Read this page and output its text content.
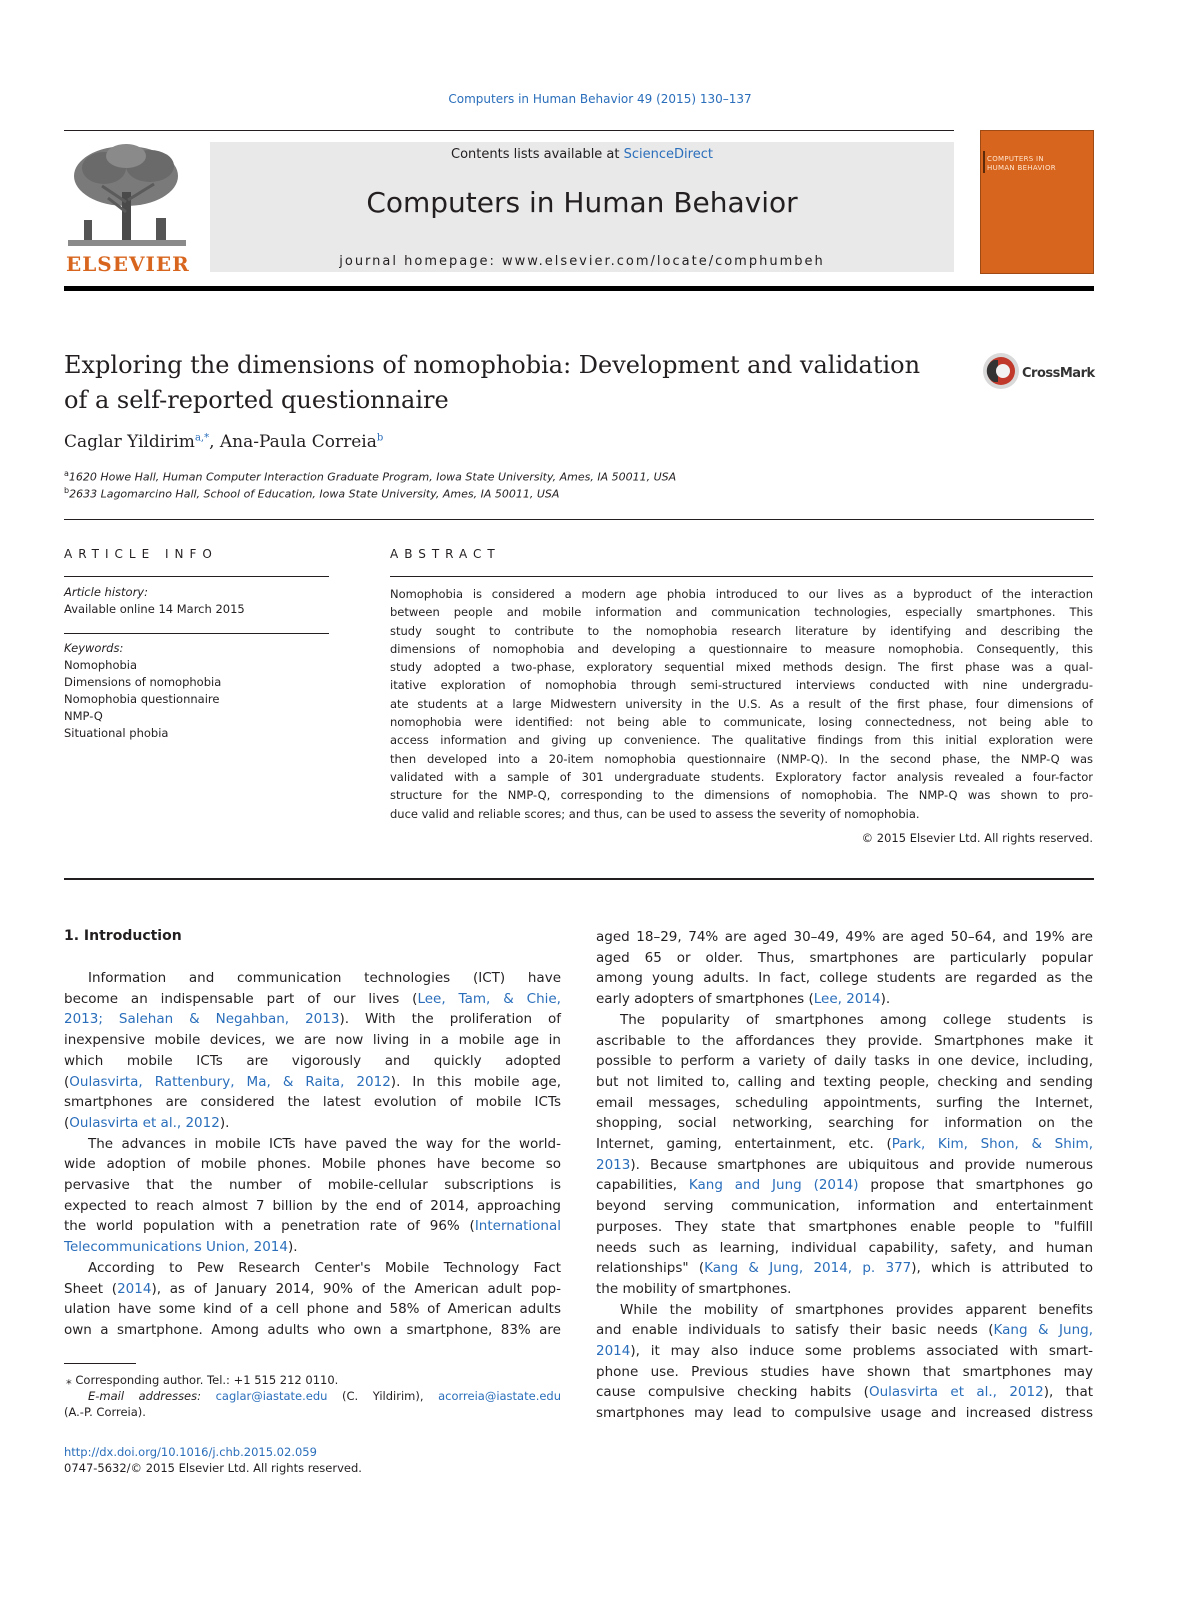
Computers in Human Behavior 49 (2015) 130–137
ELSEVIER
Contents lists available at ScienceDirect
Computers in Human Behavior
journal homepage: www.elsevier.com/locate/comphumbeh
COMPUTERS IN
HUMAN BEHAVIOR
Exploring the dimensions of nomophobia: Development and validation
of a self-reported questionnaire
CrossMark
Caglar Yildirim$^{a,*}$, Ana-Paula Correia$^b$
$^a$1620 Howe Hall, Human Computer Interaction Graduate Program, Iowa State University, Ames, IA 50011, USA
$^b$2633 Lagomarcino Hall, School of Education, Iowa State University, Ames, IA 50011, USA
ARTICLE INFO
Article history:
Available online 14 March 2015
Keywords:
Nomophobia
Dimensions of nomophobia
Nomophobia questionnaire
NMP-Q
Situational phobia
ABSTRACT
Nomophobia is considered a modern age phobia introduced to our lives as a byproduct of the interaction
between people and mobile information and communication technologies, especially smartphones. This
study sought to contribute to the nomophobia research literature by identifying and describing the
dimensions of nomophobia and developing a questionnaire to measure nomophobia. Consequently, this
study adopted a two-phase, exploratory sequential mixed methods design. The first phase was a qual-
itative exploration of nomophobia through semi-structured interviews conducted with nine undergradu-
ate students at a large Midwestern university in the U.S. As a result of the first phase, four dimensions of
nomophobia were identified: not being able to communicate, losing connectedness, not being able to
access information and giving up convenience. The qualitative findings from this initial exploration were
then developed into a 20-item nomophobia questionnaire (NMP-Q). In the second phase, the NMP-Q was
validated with a sample of 301 undergraduate students. Exploratory factor analysis revealed a four-factor
structure for the NMP-Q, corresponding to the dimensions of nomophobia. The NMP-Q was shown to pro-
duce valid and reliable scores; and thus, can be used to assess the severity of nomophobia.
© 2015 Elsevier Ltd. All rights reserved.
1. Introduction
Information and communication technologies (ICT) have
become an indispensable part of our lives (Lee, Tam, & Chie,
2013; Salehan & Negahban, 2013). With the proliferation of
inexpensive mobile devices, we are now living in a mobile age in
which mobile ICTs are vigorously and quickly adopted
(Oulasvirta, Rattenbury, Ma, & Raita, 2012). In this mobile age,
smartphones are considered the latest evolution of mobile ICTs
(Oulasvirta et al., 2012).
The advances in mobile ICTs have paved the way for the world-
wide adoption of mobile phones. Mobile phones have become so
pervasive that the number of mobile-cellular subscriptions is
expected to reach almost 7 billion by the end of 2014, approaching
the world population with a penetration rate of 96% (International
Telecommunications Union, 2014).
According to Pew Research Center's Mobile Technology Fact
Sheet (2014), as of January 2014, 90% of the American adult pop-
ulation have some kind of a cell phone and 58% of American adults
own a smartphone. Among adults who own a smartphone, 83% are
aged 18–29, 74% are aged 30–49, 49% are aged 50–64, and 19% are
aged 65 or older. Thus, smartphones are particularly popular
among young adults. In fact, college students are regarded as the
early adopters of smartphones (Lee, 2014).
The popularity of smartphones among college students is
ascribable to the affordances they provide. Smartphones make it
possible to perform a variety of daily tasks in one device, including,
but not limited to, calling and texting people, checking and sending
email messages, scheduling appointments, surfing the Internet,
shopping, social networking, searching for information on the
Internet, gaming, entertainment, etc. (Park, Kim, Shon, & Shim,
2013). Because smartphones are ubiquitous and provide numerous
capabilities, Kang and Jung (2014) propose that smartphones go
beyond serving communication, information and entertainment
purposes. They state that smartphones enable people to "fulfill
needs such as learning, individual capability, safety, and human
relationships" (Kang & Jung, 2014, p. 377), which is attributed to
the mobility of smartphones.
While the mobility of smartphones provides apparent benefits
and enable individuals to satisfy their basic needs (Kang & Jung,
2014), it may also induce some problems associated with smart-
phone use. Previous studies have shown that smartphones may
cause compulsive checking habits (Oulasvirta et al., 2012), that
smartphones may lead to compulsive usage and increased distress
⁎ Corresponding author. Tel.: +1 515 212 0110.
E-mail addresses: caglar@iastate.edu (C. Yildirim), acorreia@iastate.edu
(A.-P. Correia).
http://dx.doi.org/10.1016/j.chb.2015.02.059
0747-5632/© 2015 Elsevier Ltd. All rights reserved.
